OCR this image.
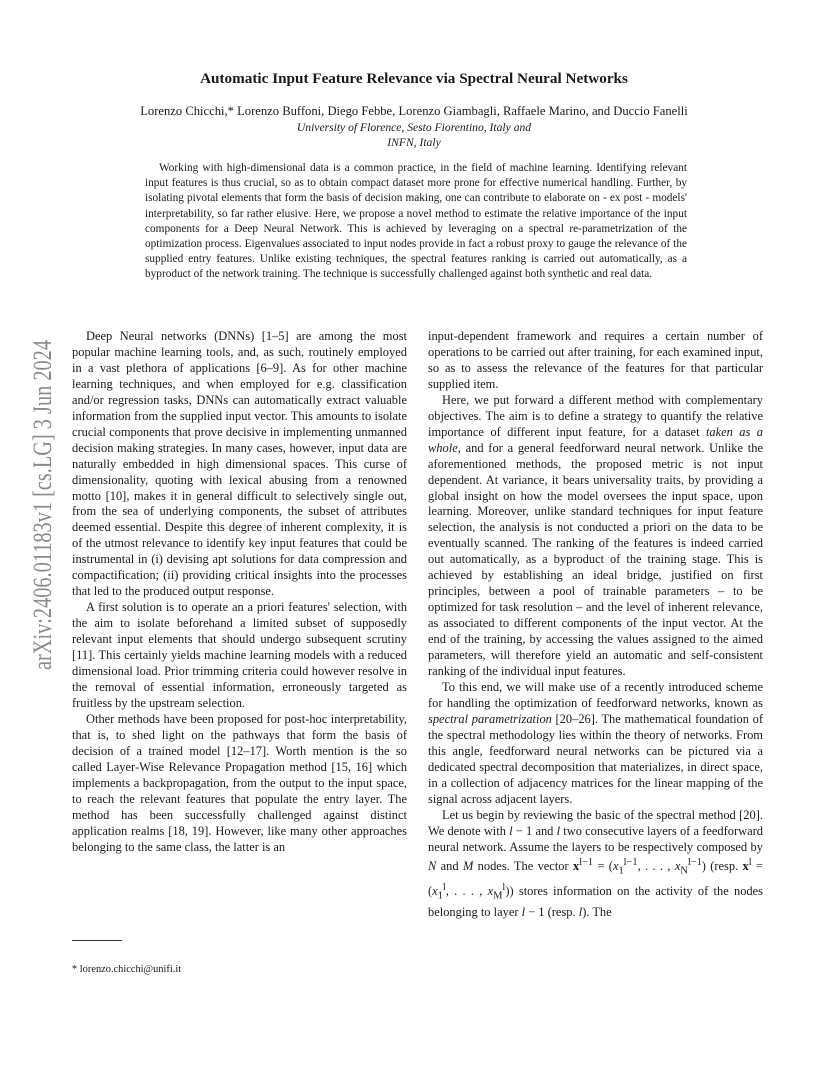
Automatic Input Feature Relevance via Spectral Neural Networks
Lorenzo Chicchi,* Lorenzo Buffoni, Diego Febbe, Lorenzo Giambagli, Raffaele Marino, and Duccio Fanelli
University of Florence, Sesto Fiorentino, Italy and
INFN, Italy

Working with high-dimensional data is a common practice, in the field of machine learning. Identifying relevant input features is thus crucial, so as to obtain compact dataset more prone for effective numerical handling. Further, by isolating pivotal elements that form the basis of decision making, one can contribute to elaborate on - ex post - models' interpretability, so far rather elusive. Here, we propose a novel method to estimate the relative importance of the input components for a Deep Neural Network. This is achieved by leveraging on a spectral re-parametrization of the optimization process. Eigenvalues associated to input nodes provide in fact a robust proxy to gauge the relevance of the supplied entry features. Unlike existing techniques, the spectral features ranking is carried out automatically, as a byproduct of the network training. The technique is successfully challenged against both synthetic and real data.

arXiv:2406.01183v1 [cs.LG] 3 Jun 2024	Deep Neural networks (DNNs) [1–5] are among the most popular machine learning tools, and, as such, routinely employed in a vast plethora of applications [6–9]. As for other machine learning techniques, and when employed for e.g. classification and/or regression tasks, DNNs can automatically extract valuable information from the supplied input vector. This amounts to isolate crucial components that prove decisive in implementing unmanned decision making strategies. In many cases, however, input data are naturally embedded in high dimensional spaces. This curse of dimensionality, quoting with lexical abusing from a renowned motto [10], makes it in general difficult to selectively single out, from the sea of underlying components, the subset of attributes deemed essential. Despite this degree of inherent complexity, it is of the utmost relevance to identify key input features that could be instrumental in (i) devising apt solutions for data compression and compactification; (ii) providing critical insights into the processes that led to the produced output response.

A first solution is to operate an a priori features' selection, with the aim to isolate beforehand a limited subset of supposedly relevant input elements that should undergo subsequent scrutiny [11]. This certainly yields machine learning models with a reduced dimensional load. Prior trimming criteria could however resolve in the removal of essential information, erroneously targeted as fruitless by the upstream selection.

Other methods have been proposed for post-hoc interpretability, that is, to shed light on the pathways that form the basis of decision of a trained model [12–17]. Worth mention is the so called Layer-Wise Relevance Propagation method [15, 16] which implements a backpropagation, from the output to the input space, to reach the relevant features that populate the entry layer. The method has been successfully challenged against distinct application realms [18, 19]. However, like many other approaches belonging to the same class, the latter is an

input-dependent framework and requires a certain number of operations to be carried out after training, for each examined input, so as to assess the relevance of the features for that particular supplied item.

Here, we put forward a different method with complementary objectives. The aim is to define a strategy to quantify the relative importance of different input feature, for a dataset taken as a whole, and for a general feedforward neural network. Unlike the aforementioned methods, the proposed metric is not input dependent. At variance, it bears universality traits, by providing a global insight on how the model oversees the input space, upon learning. Moreover, unlike standard techniques for input feature selection, the analysis is not conducted a priori on the data to be eventually scanned. The ranking of the features is indeed carried out automatically, as a byproduct of the training stage. This is achieved by establishing an ideal bridge, justified on first principles, between a pool of trainable parameters – to be optimized for task resolution – and the level of inherent relevance, as associated to different components of the input vector. At the end of the training, by accessing the values assigned to the aimed parameters, will therefore yield an automatic and self-consistent ranking of the individual input features.

To this end, we will make use of a recently introduced scheme for handling the optimization of feedforward networks, known as spectral parametrization [20–26]. The mathematical foundation of the spectral methodology lies within the theory of networks. From this angle, feedforward neural networks can be pictured via a dedicated spectral decomposition that materializes, in direct space, in a collection of adjacency matrices for the linear mapping of the signal across adjacent layers.

Let us begin by reviewing the basic of the spectral method [20]. We denote with l − 1 and l two consecutive layers of a feedforward neural network. Assume the layers to be respectively composed by N and M nodes. The vector $x^{l-1} = (x_1^{l-1}$, . . . , $x_N^{l-1}$) (resp. $x^l = (x_1^l$, . . . , $x_M^l$)) stores information on the activity of the nodes belonging to layer l − 1 (resp. l). The

* lorenzo.chicchi@unifi.it
